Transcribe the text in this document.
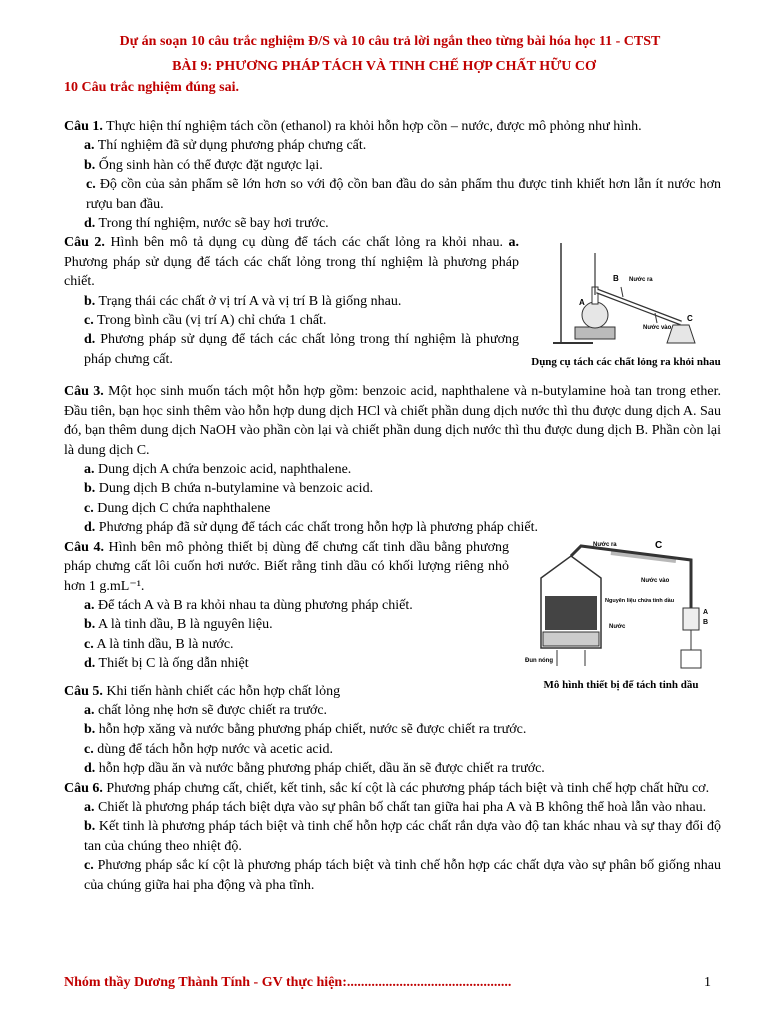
Dự án soạn 10 câu trắc nghiệm Đ/S và 10 câu trả lời ngắn theo từng bài hóa học 11 - CTST
BÀI 9: PHƯƠNG PHÁP TÁCH VÀ TINH CHẾ HỢP CHẤT HỮU CƠ
10 Câu trắc nghiệm đúng sai.

Câu 1. Thực hiện thí nghiệm tách cồn (ethanol) ra khỏi hỗn hợp cồn – nước, được mô phỏng như hình.

a. Thí nghiệm đã sử dụng phương pháp chưng cất.

b. Ống sinh hàn có thể được đặt ngược lại.

c. Độ cồn của sản phẩm sẽ lớn hơn so với độ cồn ban đầu do sản phẩm thu được tinh khiết hơn lẫn ít nước hơn rượu ban đầu.

d. Trong thí nghiệm, nước sẽ bay hơi trước.

A
B
C
Nước ra
Nước vào
Dụng cụ tách các chất lỏng ra khỏi nhau

Câu 2. Hình bên mô tả dụng cụ dùng để tách các chất lỏng ra khỏi nhau. a. Phương pháp sử dụng để tách các chất lỏng trong thí nghiệm là phương pháp chiết.

b. Trạng thái các chất ở vị trí A và vị trí B là giống nhau.

c. Trong bình cầu (vị trí A) chỉ chứa 1 chất.

d. Phương pháp sử dụng để tách các chất lỏng trong thí nghiệm là phương pháp chưng cất.

Câu 3. Một học sinh muốn tách một hỗn hợp gồm: benzoic acid, naphthalene và n-butylamine hoà tan trong ether. Đầu tiên, bạn học sinh thêm vào hỗn hợp dung dịch HCl và chiết phần dung dịch nước thì thu được dung dịch A. Sau đó, bạn thêm dung dịch NaOH vào phần còn lại và chiết phần dung dịch nước thì thu được dung dịch B. Phần còn lại là dung dịch C.

a. Dung dịch A chứa benzoic acid, naphthalene.

b. Dung dịch B chứa n-butylamine và benzoic acid.

c. Dung dịch C chứa naphthalene

d. Phương pháp đã sử dụng để tách các chất trong hỗn hợp là phương pháp chiết.

C
Nước ra
Nước vào
Nguyên liệu chứa tinh dầu
Nước
Đun nóng
A
B
Mô hình thiết bị để tách tinh dầu

Câu 4. Hình bên mô phỏng thiết bị dùng để chưng cất tinh dầu bằng phương pháp chưng cất lôi cuốn hơi nước. Biết rằng tinh dầu có khối lượng riêng nhỏ hơn 1 g.mL⁻¹.

a. Để tách A và B ra khỏi nhau ta dùng phương pháp chiết.

b. A là tinh dầu, B là nguyên liệu.

c. A là tinh dầu, B là nước.

d. Thiết bị C là ống dẫn nhiệt

Câu 5. Khi tiến hành chiết các hỗn hợp chất lỏng

a. chất lỏng nhẹ hơn sẽ được chiết ra trước.

b. hỗn hợp xăng và nước bằng phương pháp chiết, nước sẽ được chiết ra trước.

c. dùng để tách hỗn hợp nước và acetic acid.

d. hỗn hợp dầu ăn và nước bằng phương pháp chiết, dầu ăn sẽ được chiết ra trước.

Câu 6. Phương pháp chưng cất, chiết, kết tinh, sắc kí cột là các phương pháp tách biệt và tinh chế hợp chất hữu cơ.

a. Chiết là phương pháp tách biệt dựa vào sự phân bố chất tan giữa hai pha A và B không thể hoà lẫn vào nhau.

b. Kết tinh là phương pháp tách biệt và tinh chế hỗn hợp các chất rắn dựa vào độ tan khác nhau và sự thay đổi độ tan của chúng theo nhiệt độ.

c. Phương pháp sắc kí cột là phương pháp tách biệt và tinh chế hỗn hợp các chất dựa vào sự phân bố giống nhau của chúng giữa hai pha động và pha tĩnh.

Nhóm thầy Dương Thành Tính - GV thực hiện:...............................................	1
